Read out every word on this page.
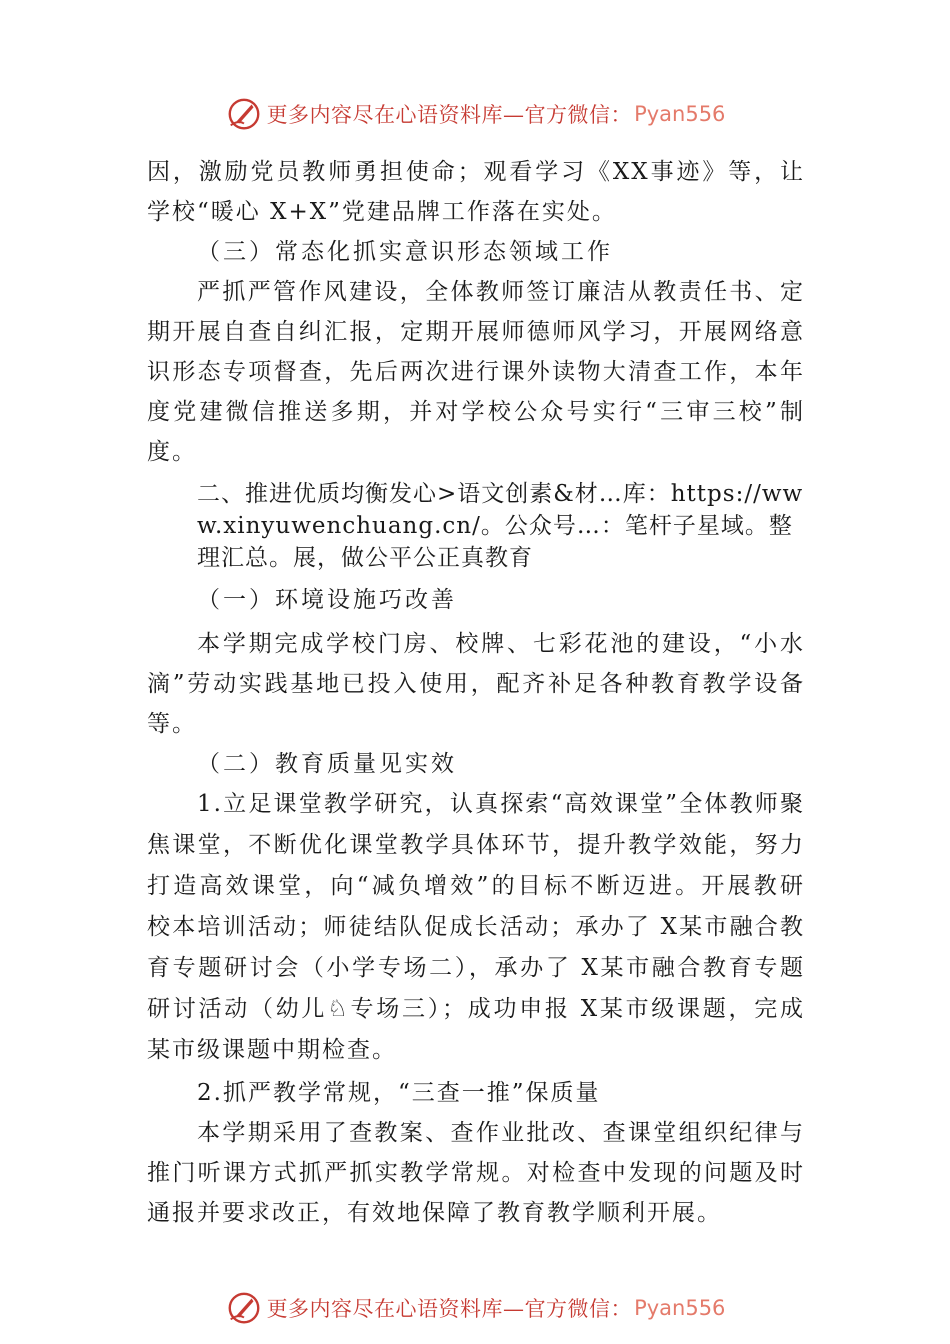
更多内容尽在心语资料库— 官方微信： Pyan556

因，激励党员教师勇担使命；观看学习《XX事迹》等，让学校“暖心 X+X”党建品牌工作落在实处。

（三）常态化抓实意识形态领域工作

严抓严管作风建设，全体教师签订廉洁从教责任书、定期开展自查自纠汇报，定期开展师德师风学习，开展网络意识形态专项督查，先后两次进行课外读物大清查工作，本年度党建微信推送多期，并对学校公众号实行“三审三校”制度。

二、推进优质均衡发心>语文创素&材…库：https://www.xinyuwenchuang.cn/。公众号…：笔杆子星域。整理汇总。展，做公平公正真教育

（一）环境设施巧改善

本学期完成学校门房、校牌、七彩花池的建设，“小水滴”劳动实践基地已投入使用，配齐补足各种教育教学设备等。

（二）教育质量见实效

1.立足课堂教学研究，认真探索“高效课堂”全体教师聚焦课堂，不断优化课堂教学具体环节，提升教学效能，努力打造高效课堂，向“减负增效”的目标不断迈进。开展教研 校本培训活动；师徒结队促成长活动；承办了 X某市融合教育专题研讨会（小学专场二），承办了 X某市融合教育专题研讨活动（幼儿♘专场三）；成功申报 X某市级课题，完成某市级课题中期检查。

2.抓严教学常规，“三查一推”保质量

本学期采用了查教案、查作业批改、查课堂组织纪律与推门听课方式抓严抓实教学常规。对检查中发现的问题及时通报并要求改正，有效地保障了教育教学顺利开展。

更多内容尽在心语资料库— 官方微信： Pyan556
